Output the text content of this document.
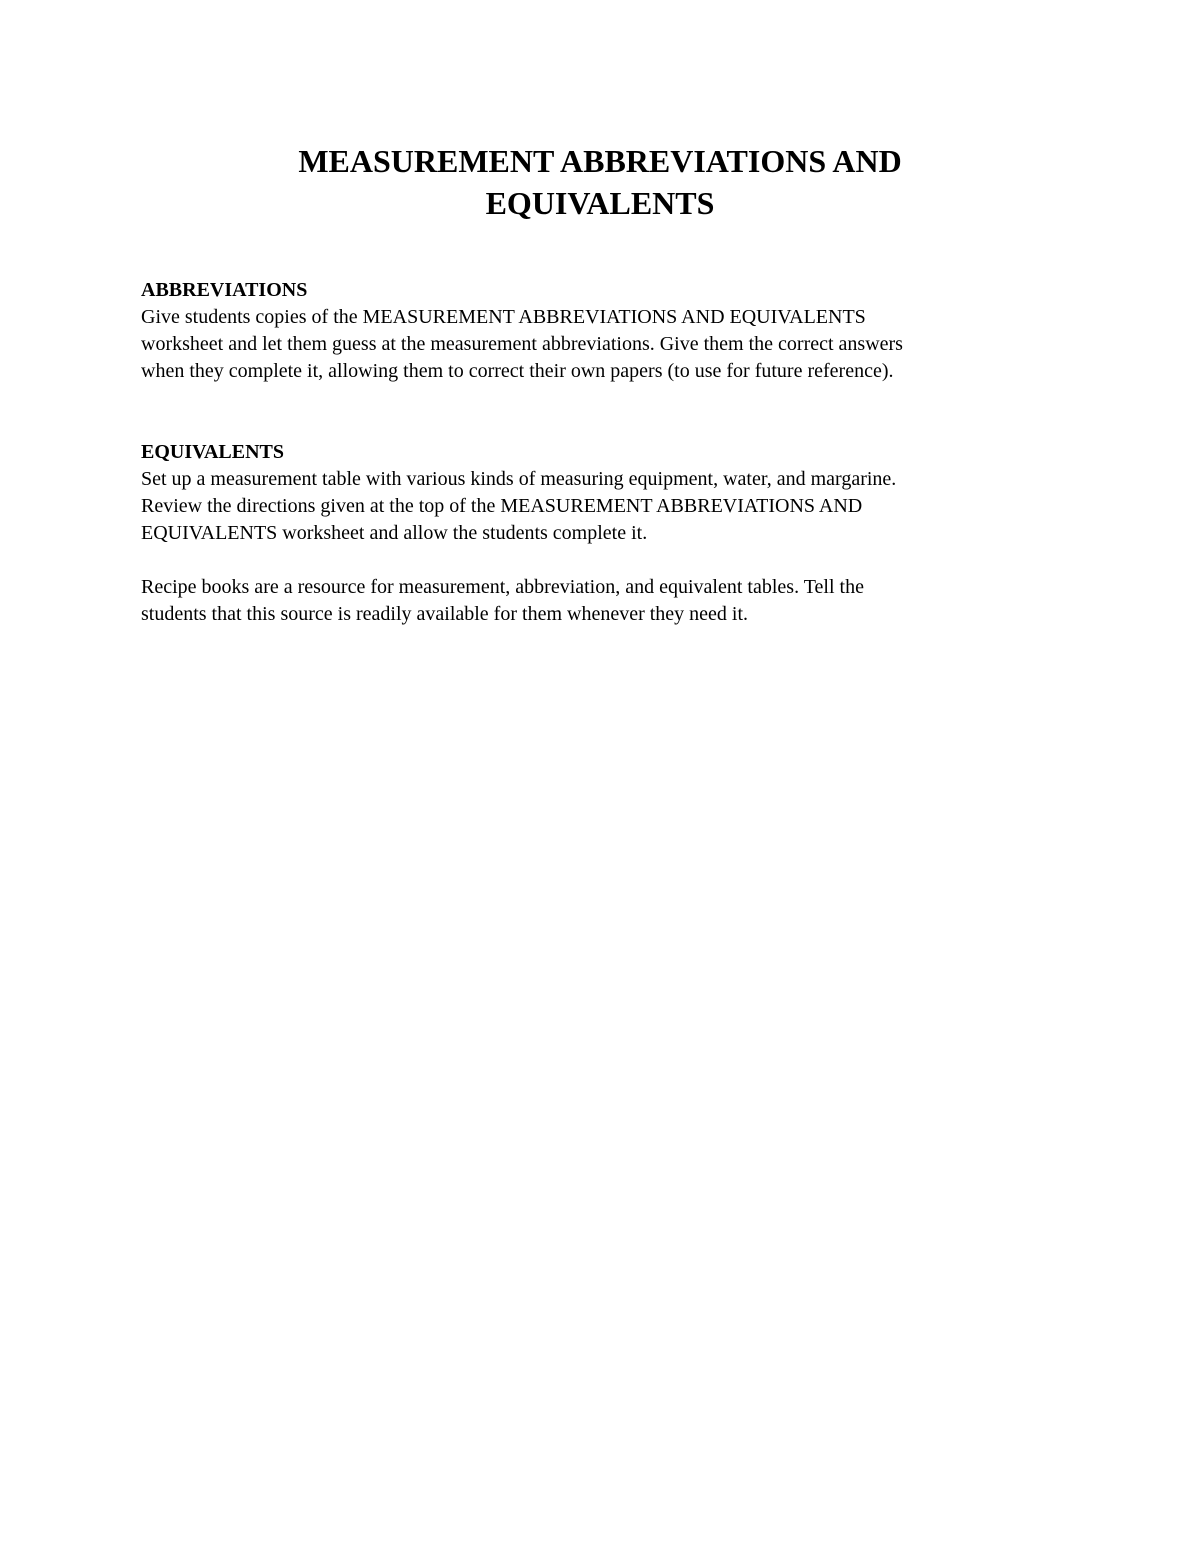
MEASUREMENT ABBREVIATIONS AND
EQUIVALENTS

ABBREVIATIONS

Give students copies of the MEASUREMENT ABBREVIATIONS AND EQUIVALENTS
worksheet and let them guess at the measurement abbreviations. Give them the correct answers
when they complete it, allowing them to correct their own papers (to use for future reference).

EQUIVALENTS

Set up a measurement table with various kinds of measuring equipment, water, and margarine.
Review the directions given at the top of the MEASUREMENT ABBREVIATIONS AND
EQUIVALENTS worksheet and allow the students complete it.
Recipe books are a resource for measurement, abbreviation, and equivalent tables. Tell the
students that this source is readily available for them whenever they need it.
